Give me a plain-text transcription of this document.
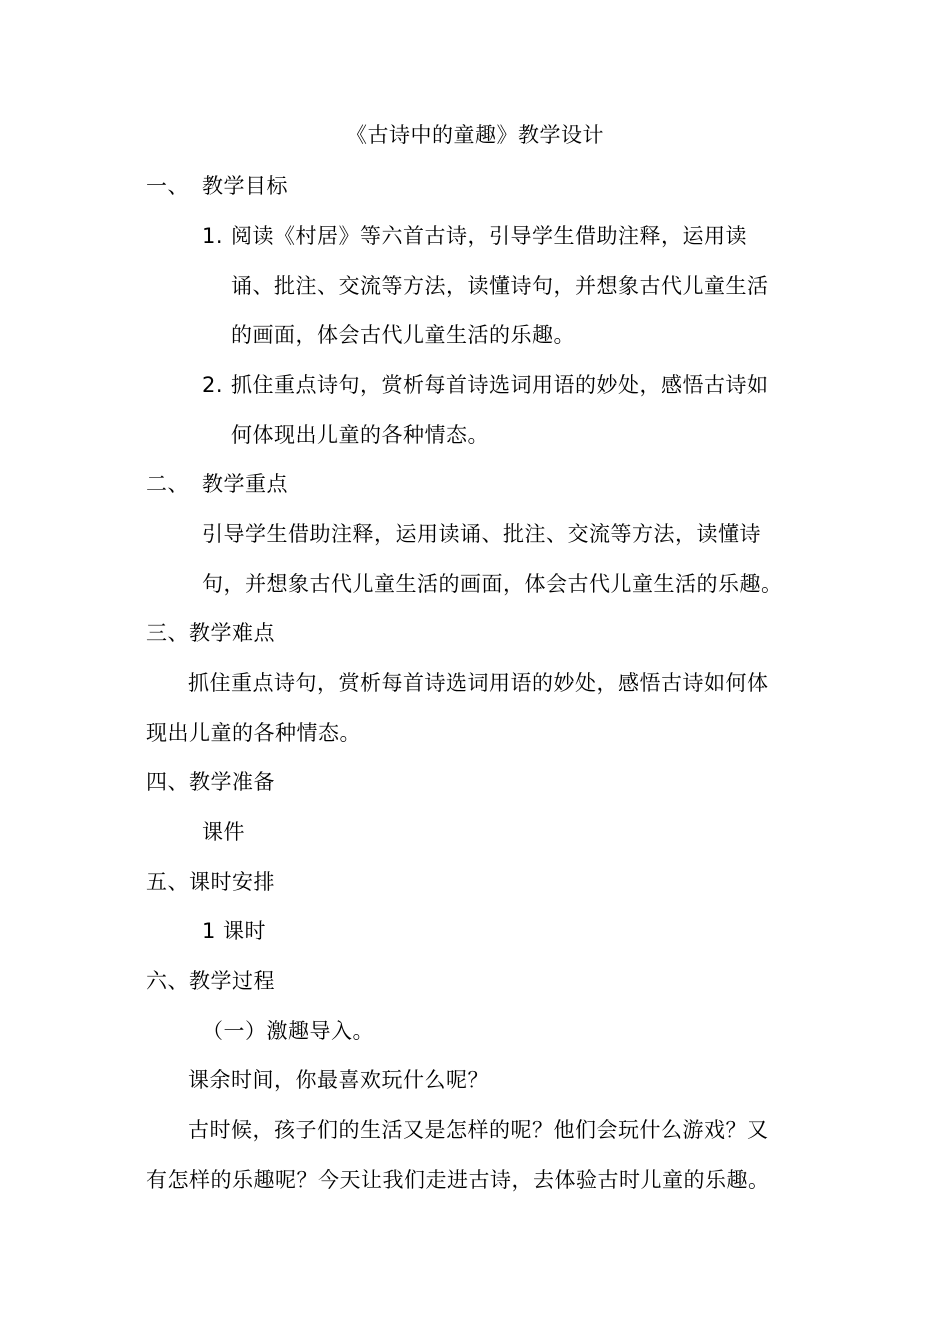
《古诗中的童趣》教学设计
一、 教学目标
1. 阅读《村居》等六首古诗，引导学生借助注释，运用读
诵、批注、交流等方法，读懂诗句，并想象古代儿童生活
的画面，体会古代儿童生活的乐趣。
2. 抓住重点诗句，赏析每首诗选词用语的妙处，感悟古诗如
何体现出儿童的各种情态。
二、 教学重点
引导学生借助注释，运用读诵、批注、交流等方法，读懂诗
句，并想象古代儿童生活的画面，体会古代儿童生活的乐趣。
三、教学难点
抓住重点诗句，赏析每首诗选词用语的妙处，感悟古诗如何体
现出儿童的各种情态。
四、教学准备
课件
五、课时安排
1 课时
六、教学过程
（一）激趣导入。
课余时间，你最喜欢玩什么呢？
古时候，孩子们的生活又是怎样的呢？他们会玩什么游戏？又
有怎样的乐趣呢？今天让我们走进古诗，去体验古时儿童的乐趣。
